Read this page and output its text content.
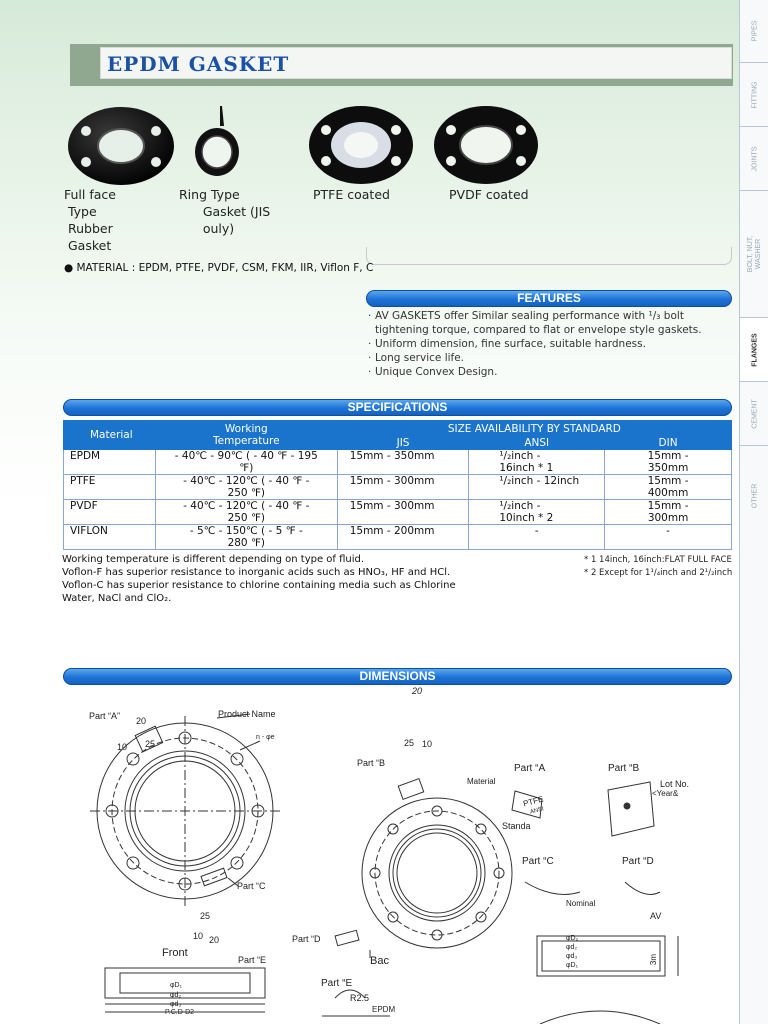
PIPES
FITTING
JOINTS
BOLT, NUT, WASHER
FLANGES
CEMENT
OTHER
EPDM GASKET
Full face
Type
Rubber
Gasket
Ring Type
Gasket (JIS
ouly)
PTFE coated	PVDF coated
● MATERIAL : EPDM, PTFE, PVDF, CSM, FKM, IIR, Viflon F, C
FEATURES
· AV GASKETS offer Similar sealing performance with ¹/₃ bolt tightening torque, compared to flat or envelope style gaskets.
· Uniform dimension, fine surface, suitable hardness.
· Long service life.
· Unique Convex Design.
SPECIFICATIONS
Material	Working Temperature	SIZE AVAILABILITY BY STANDARD		
		JIS	ANSI	DIN
EPDM	- 40℃ - 90℃ ( - 40 ℉ - 195 ℉)	15mm - 350mm	¹/₂inch - 16inch * 1	15mm - 350mm
PTFE	- 40℃ - 120℃ ( - 40 ℉ - 250 ℉)	15mm - 300mm	¹/₂inch - 12inch	15mm - 400mm
PVDF	- 40℃ - 120℃ ( - 40 ℉ - 250 ℉)	15mm - 300mm	¹/₂inch - 10inch * 2	15mm - 300mm
VIFLON	- 5℃ - 150℃ ( - 5 ℉ - 280 ℉)	15mm - 200mm	-	-
Working temperature is different depending on type of fluid.
Voflon-F has superior resistance to inorganic acids such as HNO₃, HF and HCl.
Voflon-C has superior resistance to chlorine containing media such as Chlorine
Water, NaCl and ClO₂.
* 1 14inch, 16inch:FLAT FULL FACE
* 2 Except for 1¹/₄inch and 2¹/₂inch
DIMENSIONS
Part “A”	Product Name
n - φe
20
25
10
20
25 10
Part “B
Part “C
25
10 20
Front
Part “E
Part “D
Bac
φD₁
φd₂
φd₃
P.C.D-D2
Part “E
R2.5
EPDM
Part “A	Part “B
Material
PTFE
ANSI
Standa
Lot No.
<Year&
Part “C	Part “D
Nominal
AV
φD₂
φd₂
φd₃
φD₁
3m
